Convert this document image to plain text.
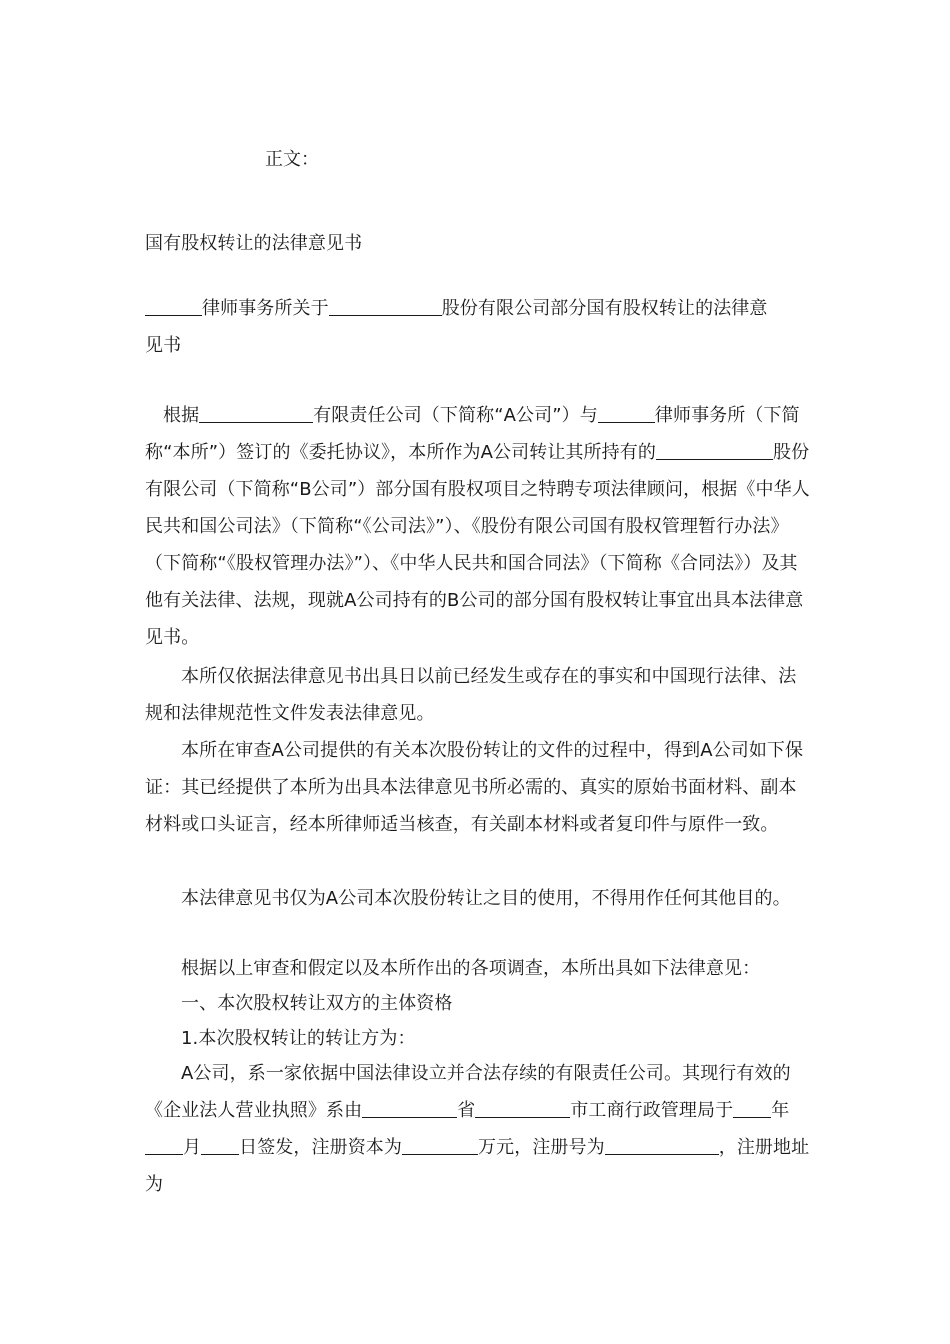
正文：

国有股权转让的法律意见书

律师事务所关于	股份有限公司部分国有股权转让的法律意
见书

根据	有限责任公司（下简称“A公司”）与	律师事务所（下简称“本所”）签订的《委托协议》，本所作为A公司转让其所持有的	股份有限公司（下简称“B公司”）部分国有股权项目之特聘专项法律顾问，根据《中华人民共和国公司法》（下简称“《公司法》”）、《股份有限公司国有股权管理暂行办法》（下简称“《股权管理办法》”）、《中华人民共和国合同法》（下简称《合同法》）及其他有关法律、法规，现就A公司持有的B公司的部分国有股权转让事宜出具本法律意见书。

本所仅依据法律意见书出具日以前已经发生或存在的事实和中国现行法律、法规和法律规范性文件发表法律意见。

本所在审查A公司提供的有关本次股份转让的文件的过程中，得到A公司如下保证：其已经提供了本所为出具本法律意见书所必需的、真实的原始书面材料、副本材料或口头证言，经本所律师适当核查，有关副本材料或者复印件与原件一致。

本法律意见书仅为A公司本次股份转让之目的使用，不得用作任何其他目的。

根据以上审查和假定以及本所作出的各项调查，本所出具如下法律意见：

一、本次股权转让双方的主体资格

1.本次股权转让的转让方为：

A公司，系一家依据中国法律设立并合法存续的有限责任公司。其现行有效的《企业法人营业执照》系由	省	市工商行政管理局于 年月 日签发，注册资本为	万元，注册号为	，注册地址为
